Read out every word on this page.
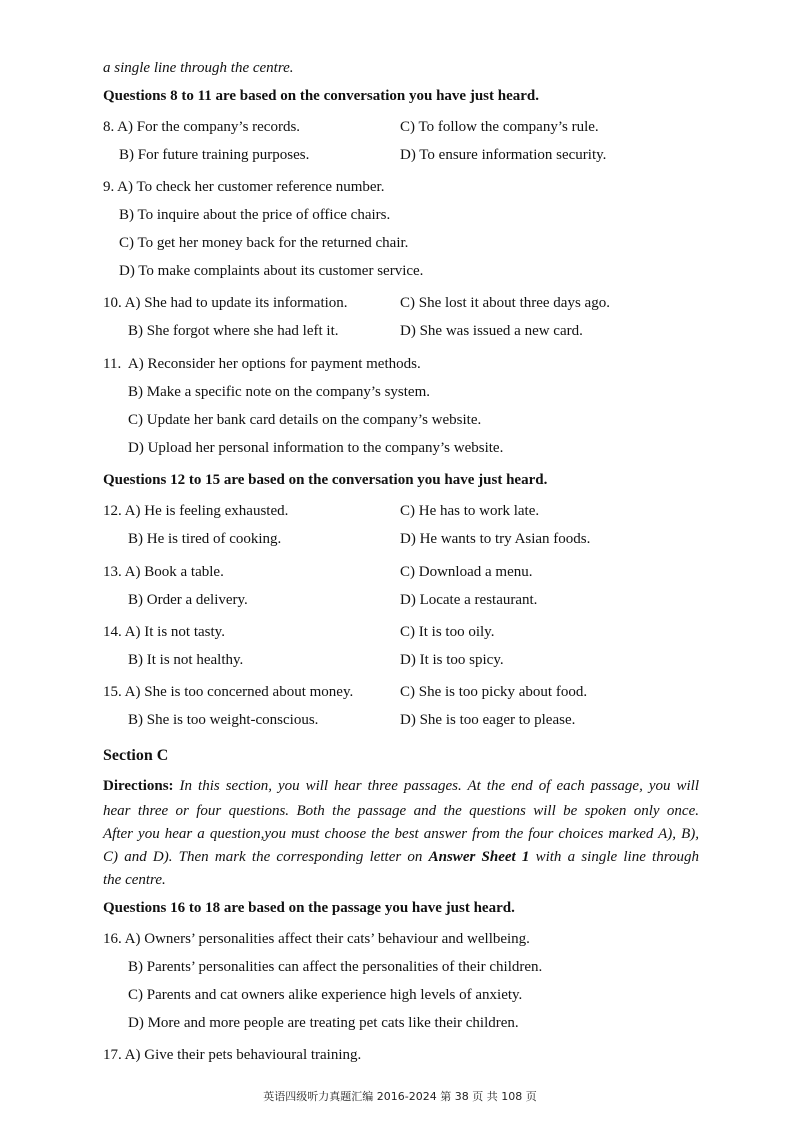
a single line through the centre.
Questions 8 to 11 are based on the conversation you have just heard.
8. A) For the company’s records.	C) To follow the company’s rule.
B) For future training purposes.	D) To ensure information security.
9. A) To check her customer reference number.
B) To inquire about the price of office chairs.
C) To get her money back for the returned chair.
D) To make complaints about its customer service.
10. A) She had to update its information.	C) She lost it about three days ago.
B) She forgot where she had left it.	D) She was issued a new card.
11.  A) Reconsider her options for payment methods.
B) Make a specific note on the company’s system.
C) Update her bank card details on the company’s website.
D) Upload her personal information to the company’s website.
Questions 12 to 15 are based on the conversation you have just heard.
12. A) He is feeling exhausted.	C) He has to work late.
B) He is tired of cooking.	D) He wants to try Asian foods.
13. A) Book a table.	C) Download a menu.
B) Order a delivery.	D) Locate a restaurant.
14. A) It is not tasty.	C) It is too oily.
B) It is not healthy.	D) It is too spicy.
15. A) She is too concerned about money.	C) She is too picky about food.
B) She is too weight-conscious.	D) She is too eager to please.
Section C
Directions: In this section, you will hear three passages. At the end of each passage, you will
hear three or four questions. Both the passage and the questions will be spoken only once.
After you hear a question,you must choose the best answer from the four choices marked A), B),
C) and D). Then mark the corresponding letter on Answer Sheet 1 with a single line through
the centre.
Questions 16 to 18 are based on the passage you have just heard.
16. A) Owners’ personalities affect their cats’ behaviour and wellbeing.
B) Parents’ personalities can affect the personalities of their children.
C) Parents and cat owners alike experience high levels of anxiety.
D) More and more people are treating pet cats like their children.
17. A) Give their pets behavioural training.
英语四级听力真题汇编 2016-2024 第 38 页 共 108 页
